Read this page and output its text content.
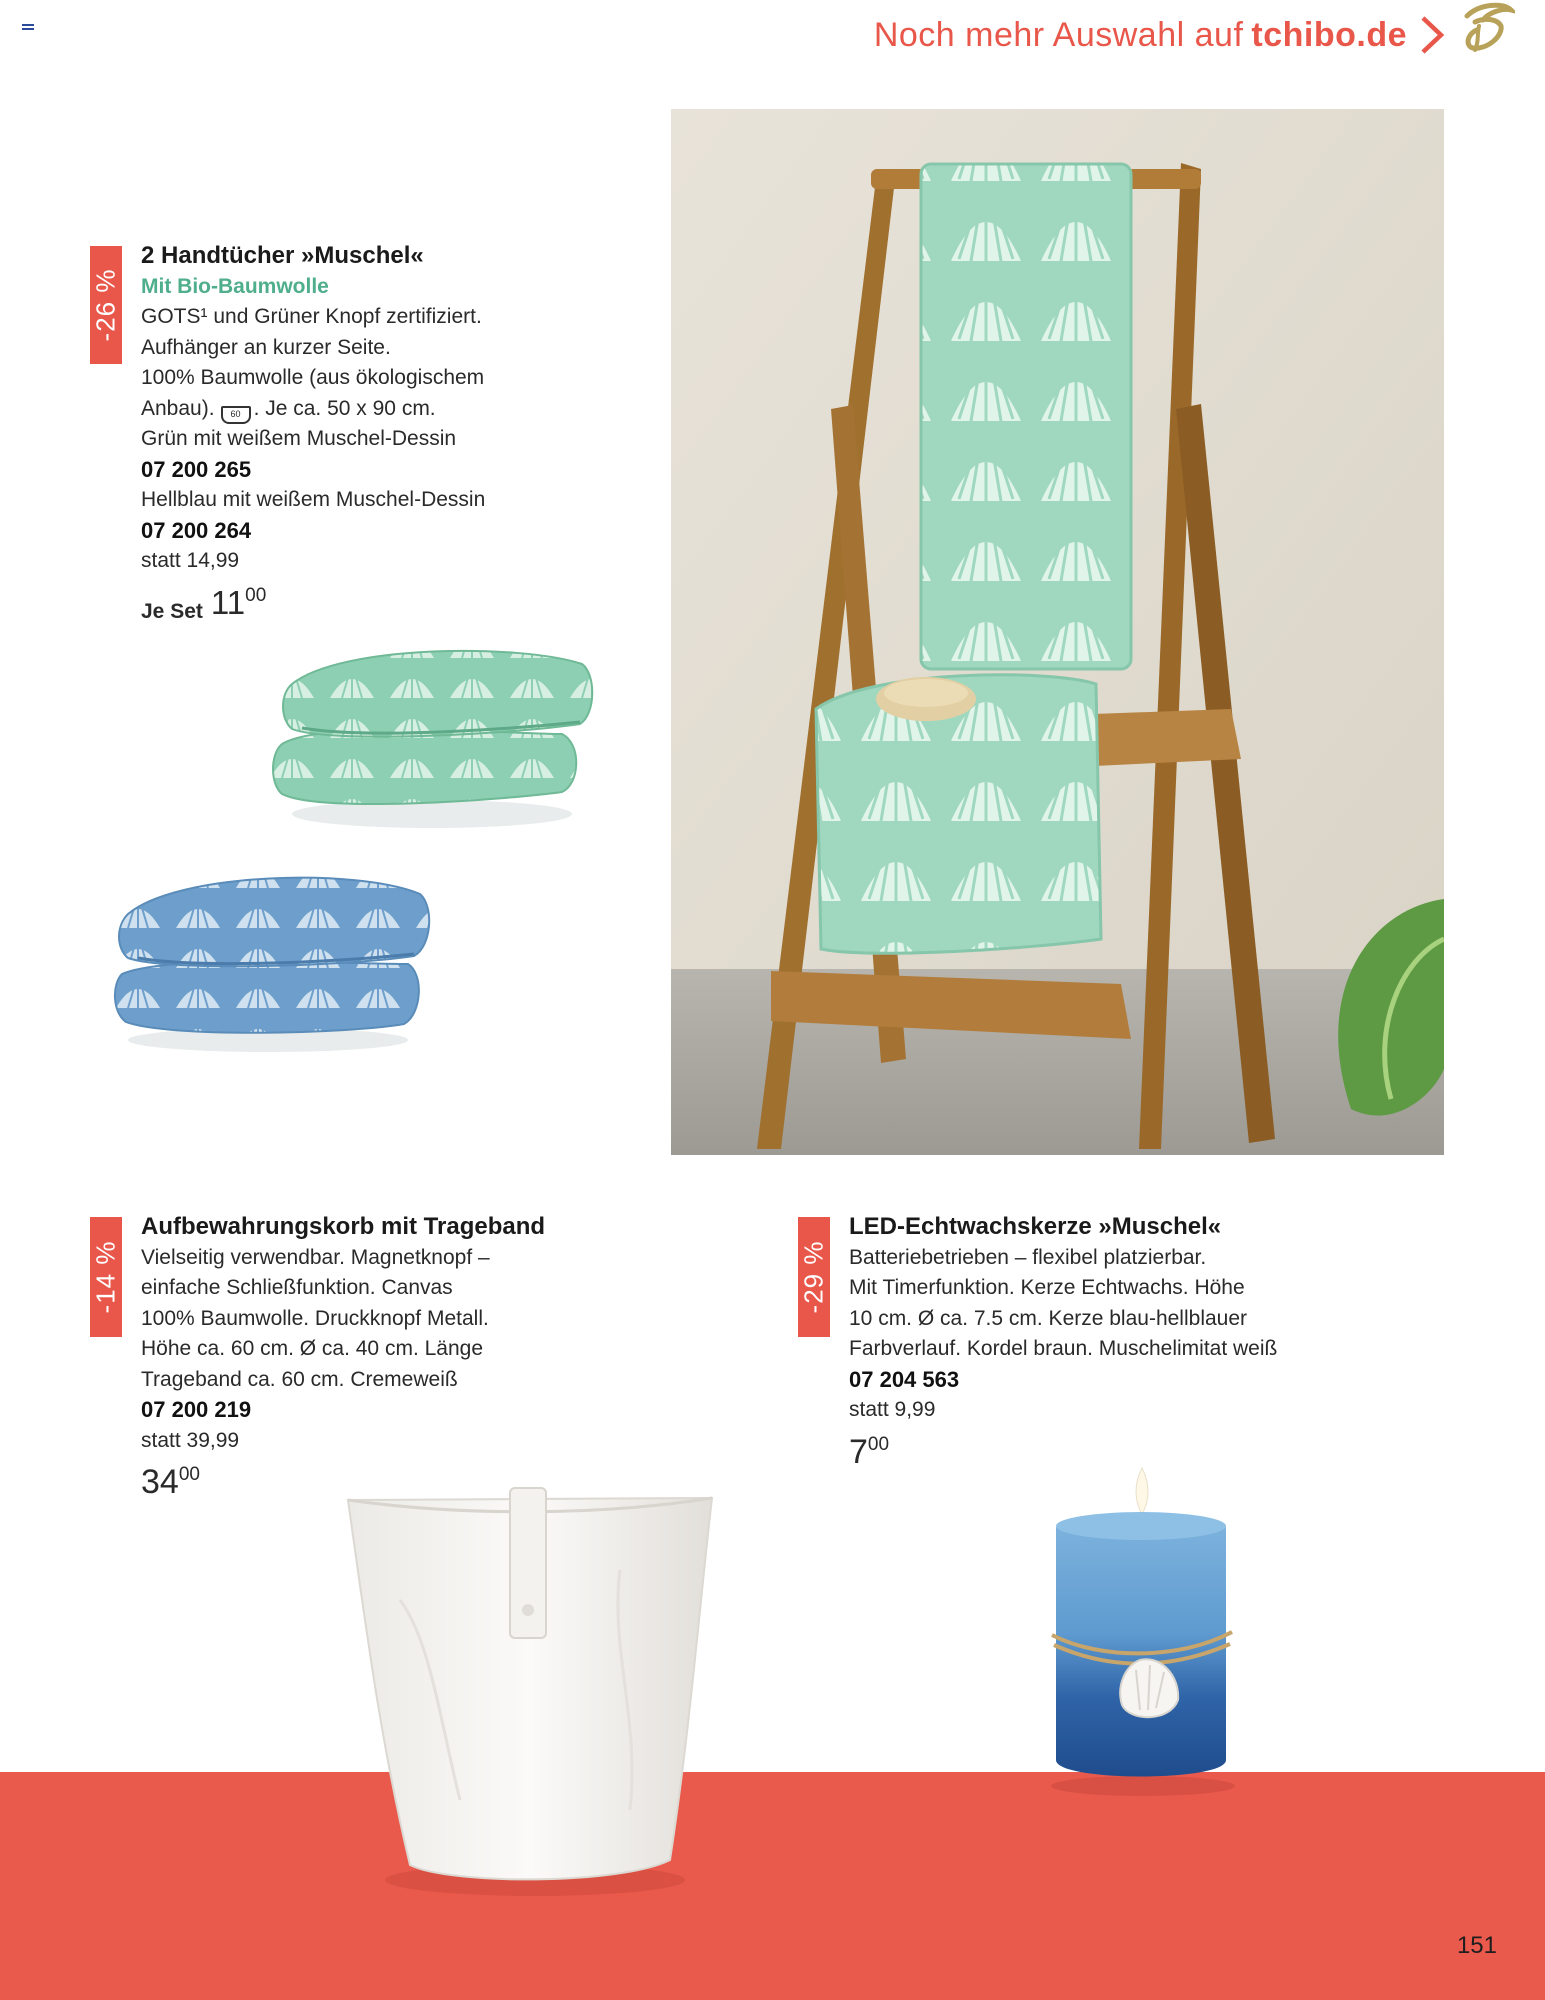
Noch mehr Auswahl auf tchibo.de
-26 %
2 Handtücher »Muschel«
Mit Bio-Baumwolle
GOTS¹ und Grüner Knopf zertifiziert.
Aufhänger an kurzer Seite.
100% Baumwolle (aus ökologischem
Anbau). 60 . Je ca. 50 x 90 cm.
Grün mit weißem Muschel-Dessin
07 200 265
Hellblau mit weißem Muschel-Dessin
07 200 264
statt 14,99
Je Set 11 00
-14 %
Aufbewahrungskorb mit Trageband
Vielseitig verwendbar. Magnetknopf –
einfache Schließfunktion. Canvas
100% Baumwolle. Druckknopf Metall.
Höhe ca. 60 cm. Ø ca. 40 cm. Länge
Trageband ca. 60 cm. Cremeweiß
07 200 219
statt 39,99
34 00
-29 %
LED-Echtwachskerze »Muschel«
Batteriebetrieben – flexibel platzierbar.
Mit Timerfunktion. Kerze Echtwachs. Höhe
10 cm. Ø ca. 7.5 cm. Kerze blau-hellblauer
Farbverlauf. Kordel braun. Muschelimitat weiß
07 204 563
statt 9,99
7 00
151
